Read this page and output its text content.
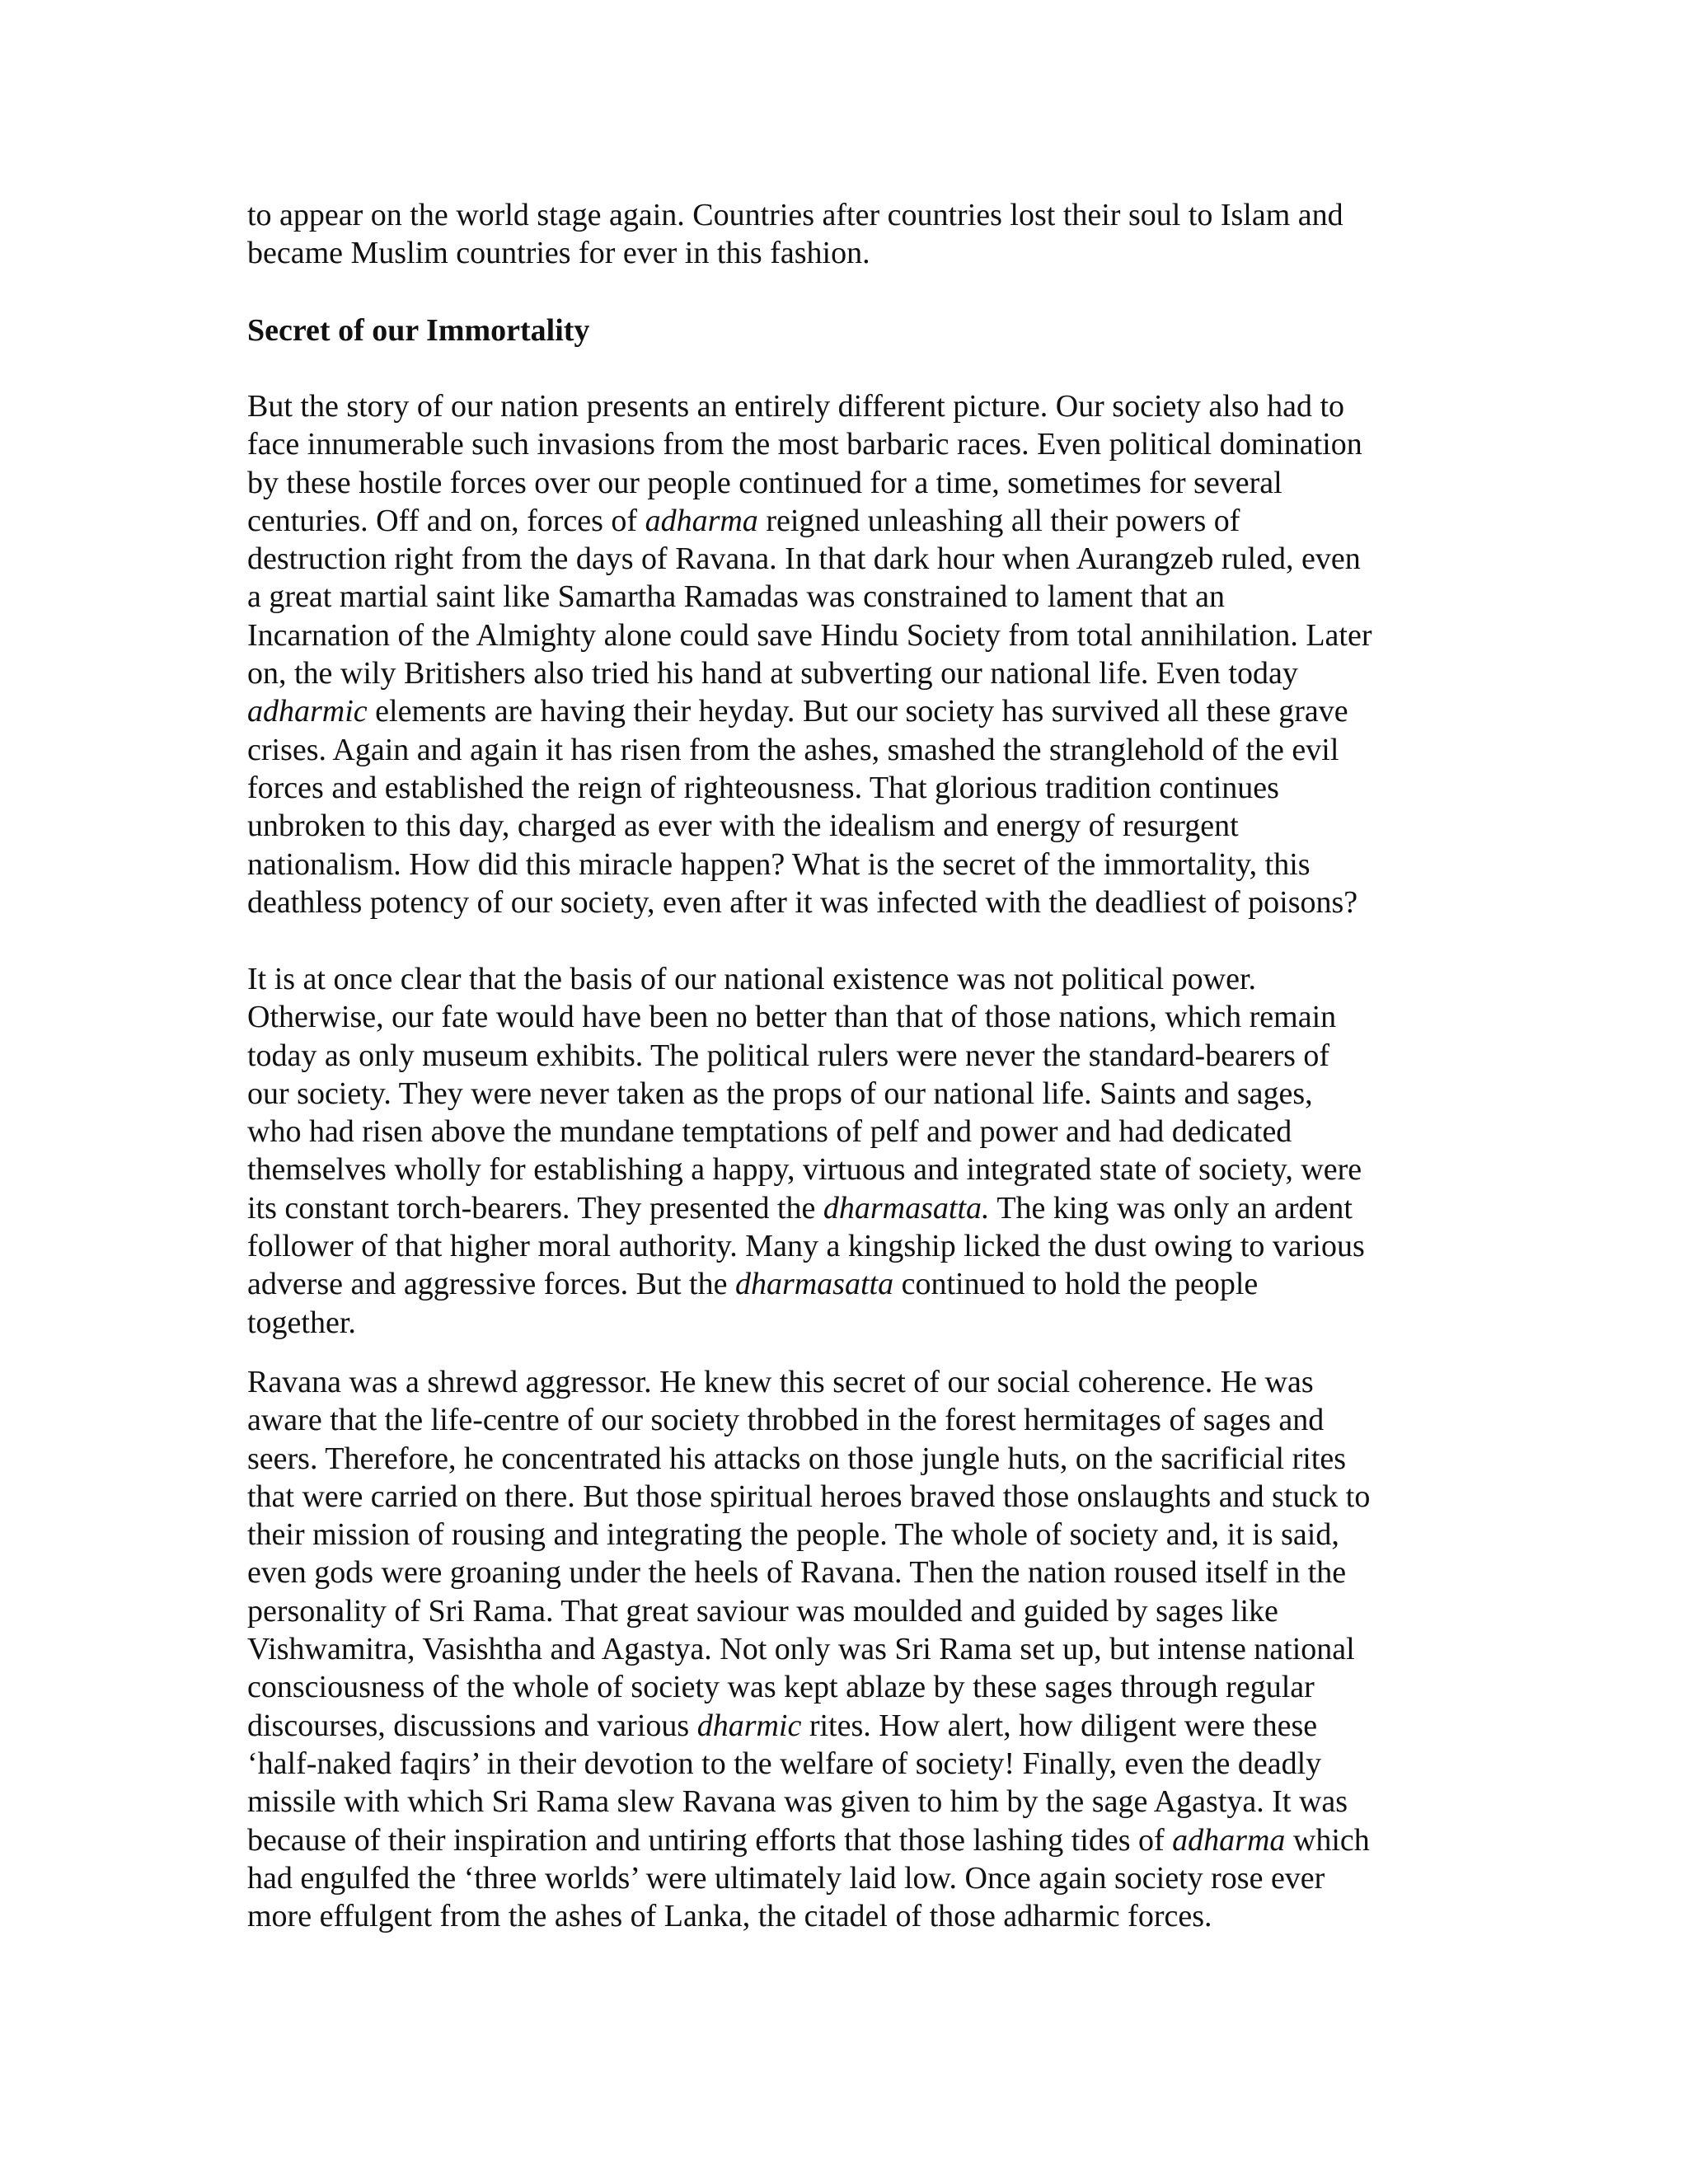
to appear on the world stage again. Countries after countries lost their soul to Islam and
became Muslim countries for ever in this fashion.
Secret of our Immortality
But the story of our nation presents an entirely different picture. Our society also had to
face innumerable such invasions from the most barbaric races. Even political domination
by these hostile forces over our people continued for a time, sometimes for several
centuries. Off and on, forces of adharma reigned unleashing all their powers of
destruction right from the days of Ravana. In that dark hour when Aurangzeb ruled, even
a great martial saint like Samartha Ramadas was constrained to lament that an
Incarnation of the Almighty alone could save Hindu Society from total annihilation. Later
on, the wily Britishers also tried his hand at subverting our national life. Even today
adharmic elements are having their heyday. But our society has survived all these grave
crises. Again and again it has risen from the ashes, smashed the stranglehold of the evil
forces and established the reign of righteousness. That glorious tradition continues
unbroken to this day, charged as ever with the idealism and energy of resurgent
nationalism. How did this miracle happen? What is the secret of the immortality, this
deathless potency of our society, even after it was infected with the deadliest of poisons?
It is at once clear that the basis of our national existence was not political power.
Otherwise, our fate would have been no better than that of those nations, which remain
today as only museum exhibits. The political rulers were never the standard-bearers of
our society. They were never taken as the props of our national life. Saints and sages,
who had risen above the mundane temptations of pelf and power and had dedicated
themselves wholly for establishing a happy, virtuous and integrated state of society, were
its constant torch-bearers. They presented the dharmasatta. The king was only an ardent
follower of that higher moral authority. Many a kingship licked the dust owing to various
adverse and aggressive forces. But the dharmasatta continued to hold the people
together.
Ravana was a shrewd aggressor. He knew this secret of our social coherence. He was
aware that the life-centre of our society throbbed in the forest hermitages of sages and
seers. Therefore, he concentrated his attacks on those jungle huts, on the sacrificial rites
that were carried on there. But those spiritual heroes braved those onslaughts and stuck to
their mission of rousing and integrating the people. The whole of society and, it is said,
even gods were groaning under the heels of Ravana. Then the nation roused itself in the
personality of Sri Rama. That great saviour was moulded and guided by sages like
Vishwamitra, Vasishtha and Agastya. Not only was Sri Rama set up, but intense national
consciousness of the whole of society was kept ablaze by these sages through regular
discourses, discussions and various dharmic rites. How alert, how diligent were these
‘half-naked faqirs’ in their devotion to the welfare of society! Finally, even the deadly
missile with which Sri Rama slew Ravana was given to him by the sage Agastya. It was
because of their inspiration and untiring efforts that those lashing tides of adharma which
had engulfed the ‘three worlds’ were ultimately laid low. Once again society rose ever
more effulgent from the ashes of Lanka, the citadel of those adharmic forces.
